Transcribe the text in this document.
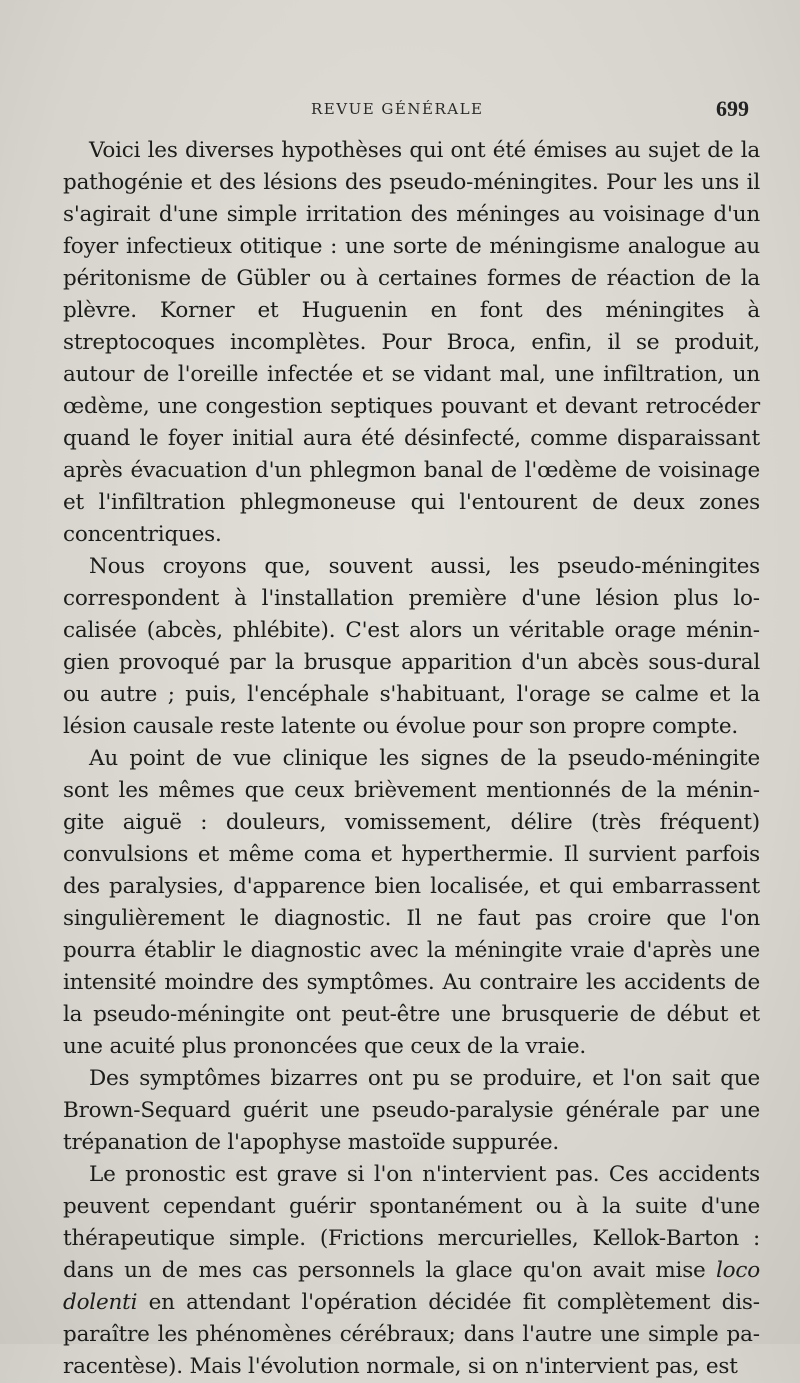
REVUE GÉNÉRALE	699

Voici les diverses hypothèses qui ont été émises au sujet de la pathogénie et des lésions des pseudo-méningites. Pour les uns il s'agirait d'une simple irritation des méninges au voisinage d'un foyer infectieux otitique : une sorte de méningisme analogue au péritonisme de Gübler ou à certaines formes de réaction de la plèvre. Korner et Huguenin en font des méningites à streptocoques incomplètes. Pour Broca, enfin, il se produit, autour de l'oreille infectée et se vidant mal, une infiltration, un œdème, une congestion septiques pouvant et devant retrocéder quand le foyer initial aura été désinfecté, comme disparaissant après évacuation d'un phlegmon banal de l'œdème de voisinage et l'infiltration phlegmoneuse qui l'entourent de deux zones concentriques.

Nous croyons que, souvent aussi, les pseudo-méningites correspondent à l'installation première d'une lésion plus localisée (abcès, phlébite). C'est alors un véritable orage méningien provoqué par la brusque apparition d'un abcès sous-dural ou autre ; puis, l'encéphale s'habituant, l'orage se calme et la lésion causale reste latente ou évolue pour son propre compte.

Au point de vue clinique les signes de la pseudo-méningite sont les mêmes que ceux brièvement mentionnés de la méningite aiguë : douleurs, vomissement, délire (très fréquent) convulsions et même coma et hyperthermie. Il survient parfois des paralysies, d'apparence bien localisée, et qui embarrassent singulièrement le diagnostic. Il ne faut pas croire que l'on pourra établir le diagnostic avec la méningite vraie d'après une intensité moindre des symptômes. Au contraire les accidents de la pseudo-méningite ont peut-être une brusquerie de début et une acuité plus prononcées que ceux de la vraie.

Des symptômes bizarres ont pu se produire, et l'on sait que Brown-Sequard guérit une pseudo-paralysie générale par une trépanation de l'apophyse mastoïde suppurée.

Le pronostic est grave si l'on n'intervient pas. Ces accidents peuvent cependant guérir spontanément ou à la suite d'une thérapeutique simple. (Frictions mercurielles, Kellok-Barton : dans un de mes cas personnels la glace qu'on avait mise loco dolenti en attendant l'opération décidée fit complètement disparaître les phénomènes cérébraux; dans l'autre une simple paracentèse). Mais l'évolution normale, si on n'intervient pas, est
